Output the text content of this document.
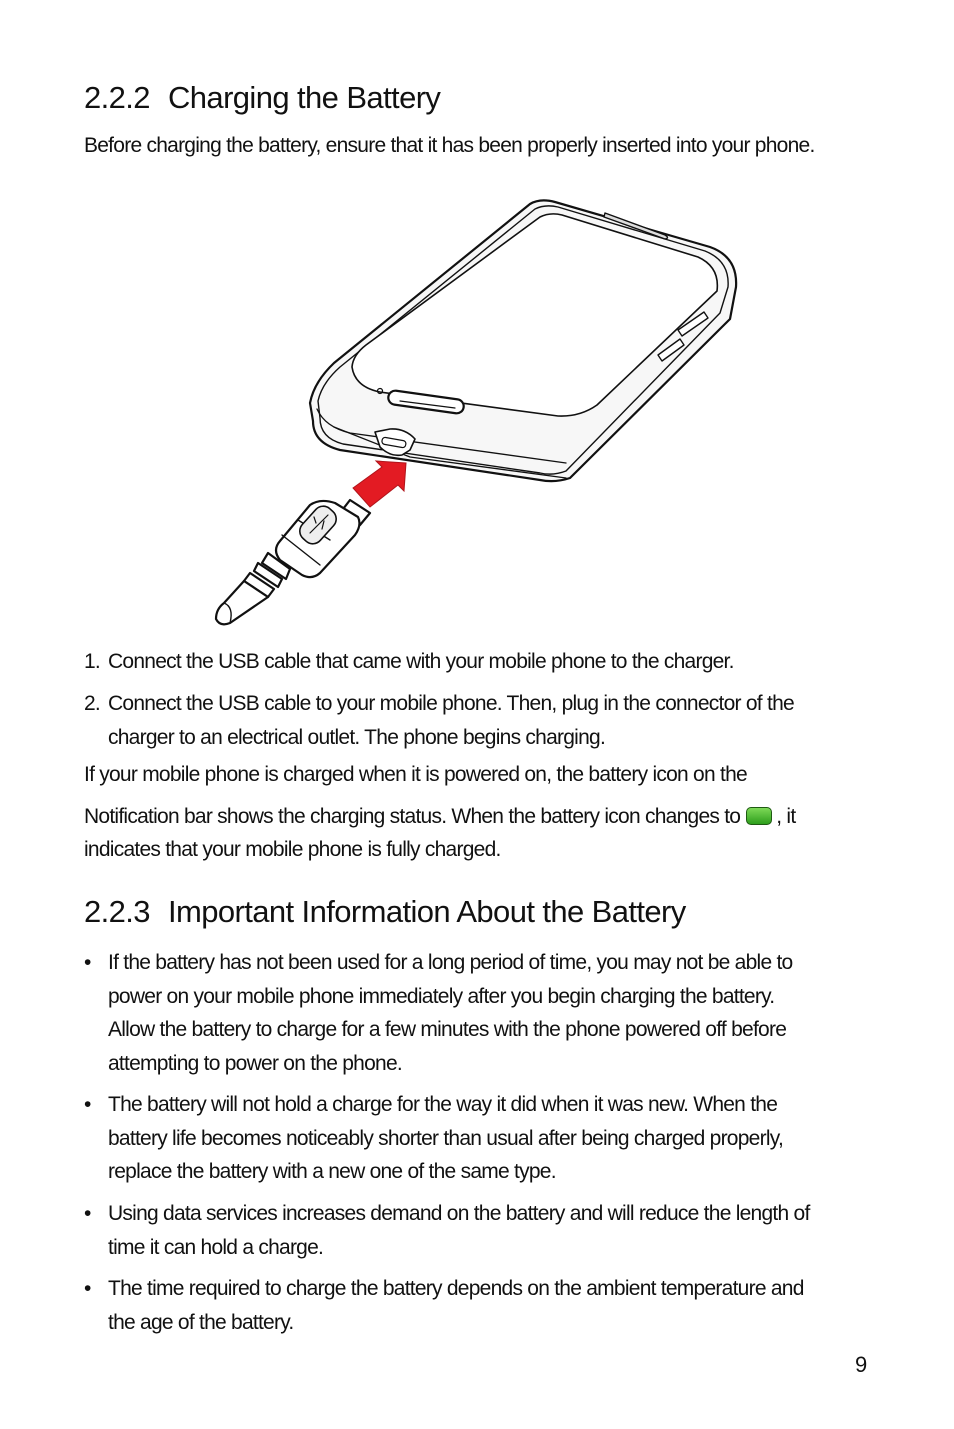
2.2.2 Charging the Battery

Before charging the battery, ensure that it has been properly inserted into your phone.

1. Connect the USB cable that came with your mobile phone to the charger.
2. Connect the USB cable to your mobile phone. Then, plug in the connector of the
charger to an electrical outlet. The phone begins charging.

If your mobile phone is charged when it is powered on, the battery icon on the

Notification bar shows the charging status. When the battery icon changes to , it

indicates that your mobile phone is fully charged.

2.2.3 Important Information About the Battery
• If the battery has not been used for a long period of time, you may not be able to
power on your mobile phone immediately after you begin charging the battery.
Allow the battery to charge for a few minutes with the phone powered off before
attempting to power on the phone.
• The battery will not hold a charge for the way it did when it was new. When the
battery life becomes noticeably shorter than usual after being charged properly,
replace the battery with a new one of the same type.
• Using data services increases demand on the battery and will reduce the length of
time it can hold a charge.
• The time required to charge the battery depends on the ambient temperature and
the age of the battery.
9
